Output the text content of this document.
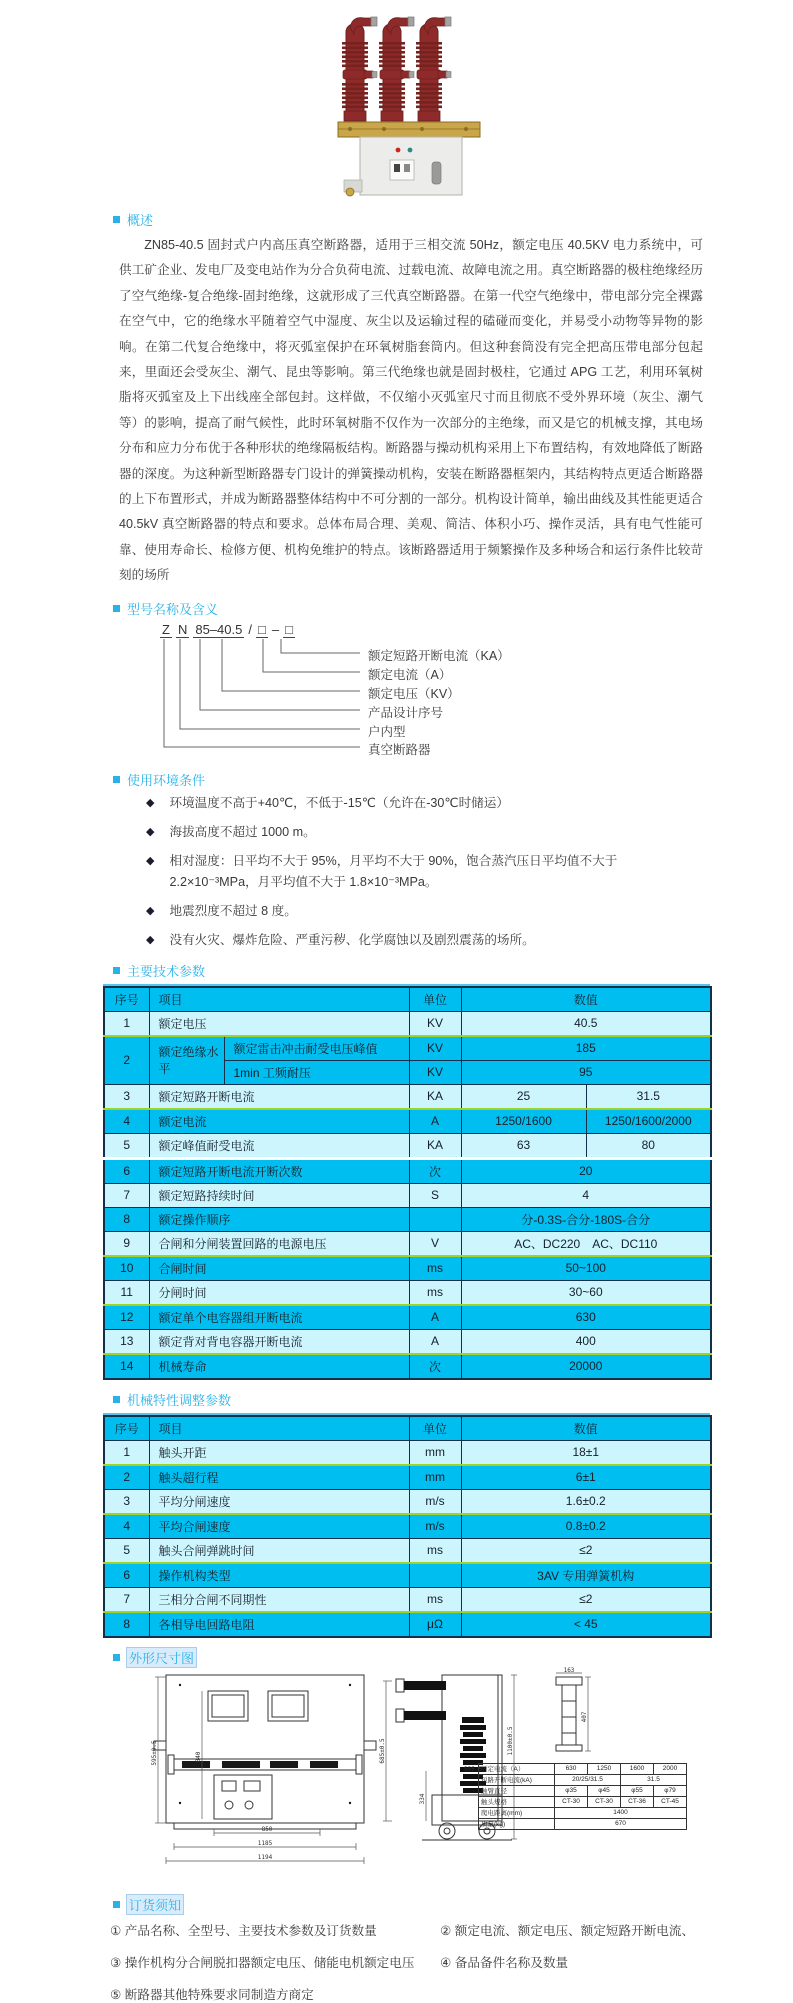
概述

ZN85-40.5 固封式户内高压真空断路器，适用于三相交流 50Hz，额定电压 40.5KV 电力系统中，可供工矿企业、发电厂及变电站作为分合负荷电流、过载电流、故障电流之用。真空断路器的极柱绝缘经历了空气绝缘-复合绝缘-固封绝缘，这就形成了三代真空断路器。在第一代空气绝缘中，带电部分完全裸露在空气中，它的绝缘水平随着空气中湿度、灰尘以及运输过程的磕碰而变化，并易受小动物等异物的影响。在第二代复合绝缘中，将灭弧室保护在环氧树脂套筒内。但这种套筒没有完全把高压带电部分包起来，里面还会受灰尘、潮气、昆虫等影响。第三代绝缘也就是固封极柱，它通过 APG 工艺，利用环氧树脂将灭弧室及上下出线座全部包封。这样做，不仅缩小灭弧室尺寸而且彻底不受外界环境（灰尘、潮气等）的影响，提高了耐气候性，此时环氧树脂不仅作为一次部分的主绝缘，而又是它的机械支撑，其电场分布和应力分布优于各种形状的绝缘隔板结构。断路器与操动机构采用上下布置结构，有效地降低了断路器的深度。为这种新型断路器专门设计的弹簧操动机构，安装在断路器框架内，其结构特点更适合断路器的上下布置形式，并成为断路器整体结构中不可分割的一部分。机构设计简单，输出曲线及其性能更适合 40.5kV 真空断路器的特点和要求。总体布局合理、美观、简洁、体积小巧、操作灵活，具有电气性能可靠、使用寿命长、检修方便、机构免维护的特点。该断路器适用于频繁操作及多种场合和运行条件比较苛刻的场所

型号名称及含义
Z N 85–40.5 / □ – □
额定短路开断电流（KA）
额定电流（A）
额定电压（KV）
产品设计序号
户内型
真空断路器
使用环境条件
◆ 环境温度不高于+40℃，不低于-15℃（允许在-30℃时储运）
◆ 海拔高度不超过 1000 m。
◆ 相对湿度：日平均不大于 95%，月平均不大于 90%，饱合蒸汽压日平均值不大于 2.2×10⁻³MPa，月平均值不大于 1.8×10⁻³MPa。
◆ 地震烈度不超过 8 度。
◆ 没有火灾、爆炸危险、严重污秽、化学腐蚀以及剧烈震荡的场所。
主要技术参数
序号	项目		单位	数值	
1	额定电压		KV	40.5	
2	额定绝缘水平	额定雷击冲击耐受电压峰值	KV	185	
		1min 工频耐压	KV	95	
3	额定短路开断电流		KA	25	31.5
4	额定电流		A	1250/1600	1250/1600/2000
5	额定峰值耐受电流		KA	63	80
6	额定短路开断电流开断次数		次	20	
7	额定短路持续时间		S	4	
8	额定操作顺序			分-0.3S-合分-180S-合分	
9	合闸和分闸装置回路的电源电压		V	AC、DC220　AC、DC110	
10	合闸时间		ms	50~100	
11	分闸时间		ms	30~60	
12	额定单个电容器组开断电流		A	630	
13	额定背对背电容器开断电流		A	400	
14	机械寿命		次	20000	
机械特性调整参数
序号	项目	单位	数值
1	触头开距	mm	18±1
2	触头超行程	mm	6±1
3	平均分闸速度	m/s	1.6±0.2
4	平均合闸速度	m/s	0.8±0.2
5	触头合闸弹跳时间	ms	≤2
6	操作机构类型		3AV 专用弹簧机构
7	三相分合闸不同期性	ms	≤2
8	各相导电回路电阻	μΩ	< 45
外形尺寸图
595±0.5	840
850
1185
1194
685±0.5	1100±0.5
334
555.5
407
163
额定电流（A）	630	1250	1600	2000
短路开断电流(kA)	20/25/31.5		31.5	
触臂直径	φ35	φ45	φ55	φ79
触头规格	CT-30	CT-30	CT-36	CT-45
爬电距离(mm)	1400			
质量(kg)	670			
订货须知
① 产品名称、全型号、主要技术参数及订货数量	② 额定电流、额定电压、额定短路开断电流、
③ 操作机构分合闸脱扣器额定电压、储能电机额定电压	④ 备品备件名称及数量
⑤ 断路器其他特殊要求同制造方商定
